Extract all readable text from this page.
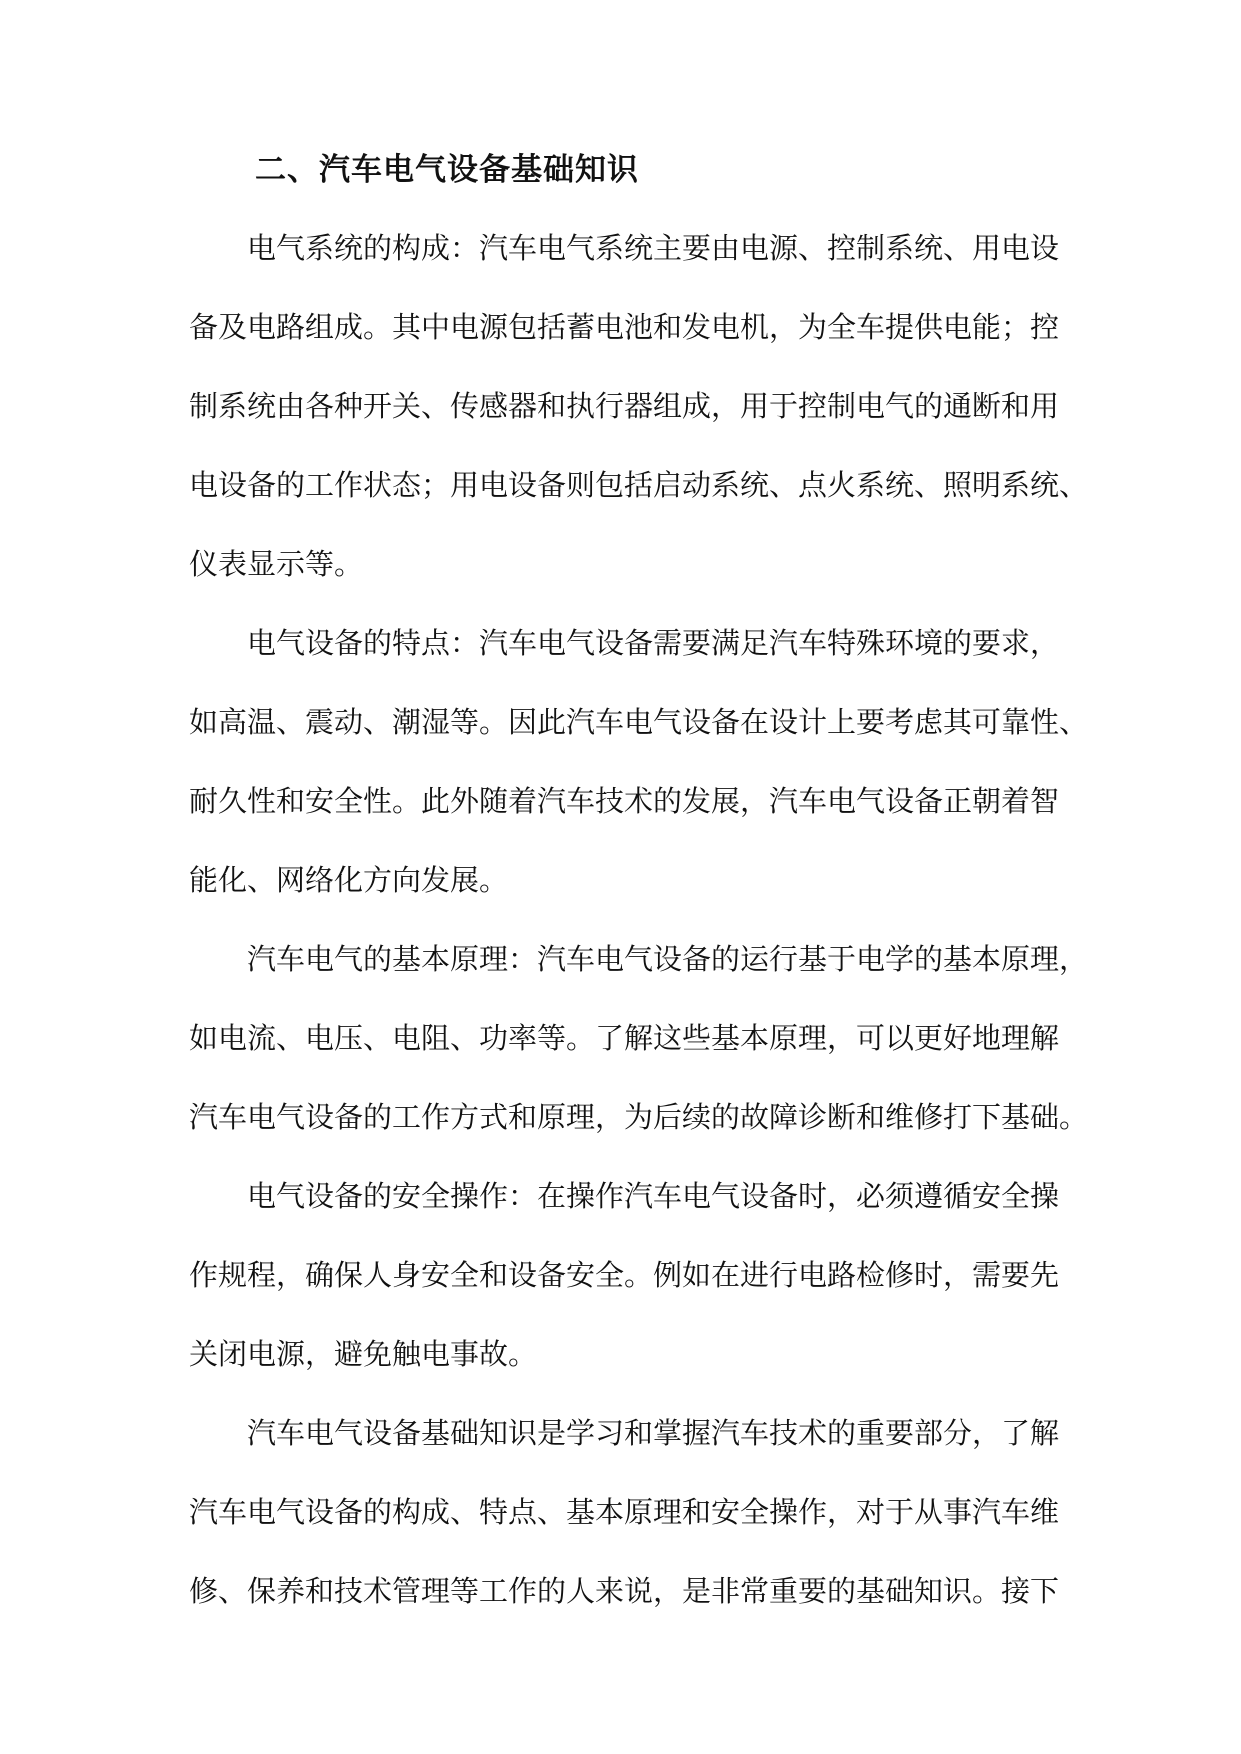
二、汽车电气设备基础知识

电气系统的构成：汽车电气系统主要由电源、控制系统、用电设

备及电路组成。其中电源包括蓄电池和发电机，为全车提供电能；控

制系统由各种开关、传感器和执行器组成，用于控制电气的通断和用

电设备的工作状态；用电设备则包括启动系统、点火系统、照明系统、

仪表显示等。

电气设备的特点：汽车电气设备需要满足汽车特殊环境的要求，

如高温、震动、潮湿等。因此汽车电气设备在设计上要考虑其可靠性、

耐久性和安全性。此外随着汽车技术的发展，汽车电气设备正朝着智

能化、网络化方向发展。

汽车电气的基本原理：汽车电气设备的运行基于电学的基本原理，

如电流、电压、电阻、功率等。了解这些基本原理，可以更好地理解

汽车电气设备的工作方式和原理，为后续的故障诊断和维修打下基础。

电气设备的安全操作：在操作汽车电气设备时，必须遵循安全操

作规程，确保人身安全和设备安全。例如在进行电路检修时，需要先

关闭电源，避免触电事故。

汽车电气设备基础知识是学习和掌握汽车技术的重要部分，了解

汽车电气设备的构成、特点、基本原理和安全操作，对于从事汽车维

修、保养和技术管理等工作的人来说，是非常重要的基础知识。接下
